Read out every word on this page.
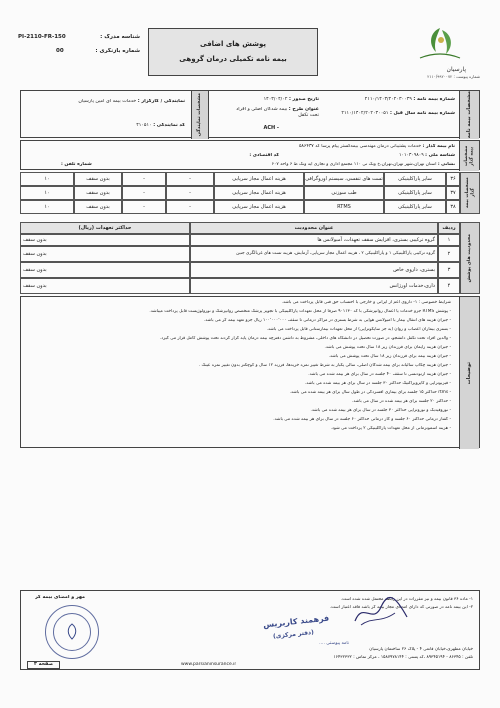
پارسیان
شماره پیوست : ۲۱۱۰/۹۹۲۰۰۷۲
پوشش های اضافی
بیمه نامه تکمیلی درمان گروهی
شناسه مدرک :
PI-2110-FR-150
شماره بازنگری :
00
مشخصات بیمه نامه
شماره بیمه نامه : ۲۱۱۰/۱۴۰۳/۲۰۲۰۳۰۰۳۹
تاریخ صدور : ۱۴۰۳/۰۴/۰۲
شماره بیمه نامه سال قبل : ۲۱۱۰/۱۴۰۲/۲۰۲۰۳۰۰۵۱
عنوان طرح : بیمه شدگان اصلی و افراد تحت تکفل
ACH -
مشخصات نمایندگی
نمایندگی / کارگزار : خدمات بیمه ای امین پارسیان
کد نمایندگی : ۴۱۰۵۱۰
مشخصات بیمه گذار
نام بیمه گذار : خدمات پشتیبانی درمان مهندسی بیمه‌گستر پیام پرسا کد ۵۸۶۴۳۷
شناسه ملی : ۱۰۱۰۳۰۹۸۰۹
کد اقتصادی :
نشانی : استان تهران،شهر تهران،تهران،خ ونک تی ۱۱۰ مجتمع اداری و تجاری آیه ونک ط ۶ واحد ۶۰۷
شماره تلفن :
مشخصات بیمه گذار
۳۶
سایر پاراکلینیکی
تست های تنفسی، سیستم اوروگرافی
هزینه اعمال مجاز سرپایی
-
-
بدون سقف
۱۰
۳۷
سایر پاراکلینیکی
طب سوزنی
هزینه اعمال مجاز سرپایی
-
-
بدون سقف
۱۰
۳۸
سایر پاراکلینیکی
RTMS
هزینه اعمال مجاز سرپایی
-
-
بدون سقف
۱۰
محدودیت های پوشش
ردیف
عنوان محدودیت
حداکثر تعهدات (ریال)
۱
گروه ترکیبی بستری، افزایش سقف تعهدات، آمبولانس ها
بدون سقف
۲
گروه ترکیبی پاراکلینیکی ۱ و پاراکلینیکی ۲ ، هزینه اعمال مجاز سرپایی، آزمایش، هزینه تست های غربالگری جنین
بدون سقف
۳
بستری، داروی خاص
بدون سقف
۴
داری،خدمات اورژانس
بدون سقف
توضیحات
شرایط خصوصی : ۱- داروی اعم از ایرانی و خارجی با احتساب حق فنی قابل پرداخت می باشد.
- پوشش RTMS جزو خدمات یا اعمال روانپزشکی با کد ۹۰۱۱۳۰ صرفا از محل تعهدات پاراکلینیکی با تجویز پزشک متخصص روانپزشک و نورولوژیست قابل پرداخت میباشد.
- جبران هزینه های انتقال بیمار با آمبولانس هوایی به شرط بستری در مراکز درمانی تا سقف ۱۰۰٬۰۰۰٬۰۰۰ ریال جزو تعهد بیمه گر می باشد.
- بستری بیماران اعصاب و روان (به جز سایکوتراپی) از محل تعهدات بیمارستانی قابل پرداخت می باشد.
- والدین افراد تحت تکفل دانشجو، در صورت تحصیل در دانشگاه های داخلی، مشروط به داشتن دفترچه بیمه درمان پایه گزار گردند تحت پوشش کامل قرار می گیرد.
- جبران هزینه زایمان برای فرزندان زیر ۱۸ سال تحت پوشش می باشد.
- جبران هزینه بیمه برای فرزندان زیر ۱۸ سال تحت پوشش می باشد.
- جبران هزینه چکاپ سالیانه برای بیمه شدگان اصلی، سالی یکبار به شرط تغییر نمره خریدها، فرزند ۱۲ سال و کوچکتر بدون تغییر نمره عینک .
- جبران هزینه ارتودنسی تا سقف ۴۰ جلسه در سال برای هر بیمه شده می باشد.
- فیزیوتراپی و کایروپراکتیک حداکثر ۳۰ جلسه در سال برای هر بیمه شده می باشد.
- rtms حداکثر ۱۵ جلسه برای بیماری افسردگی در طول سال برای هر بیمه شده می باشد.
- حداکثر ۲۰ جلسه برای هر بیمه شده در سال می باشد.
- نوروفیدبک و نوروتراپی حداکثر ۳۰ جلسه در سال برای هر بیمه شده می باشد.
- گفتار درمانی حداکثر ۶۰ جلسه و کار درمانی حداکثر ۶۰ جلسه در سال برای هر بیمه شده می باشد.
- هزینه اسموترمانی از محل تعهدات پاراکلینیکی ۲ پرداخت می شود.
۱- ماده ۳۶ قانون بیمه و نیز مقررات در این رابطه محتمل شده شده است.
۲- این بیمه نامه در صورتی که دارای امضای مجاز بیمه گر باشد فاقد اعتبار است.
فرهمند کاربریس
(دفتر مرکزی)
نامه پیوستی ....
مهر و امضای بیمه گر
خیابان مطهری،خیابان قانعی ۴ - پلاک ۲۶ ساختمان پارسیان
تلفن : ۸۶۳۴۵ - ۸۹۳۴۵۱۹۴ ،کد پستی : ۱۵۸۷۹۷۸۱۴۴ ، مرکز تماس : ۱۶۴۳۲۳۳۲
www.parsianinsurance.ir
صفحه ۳
